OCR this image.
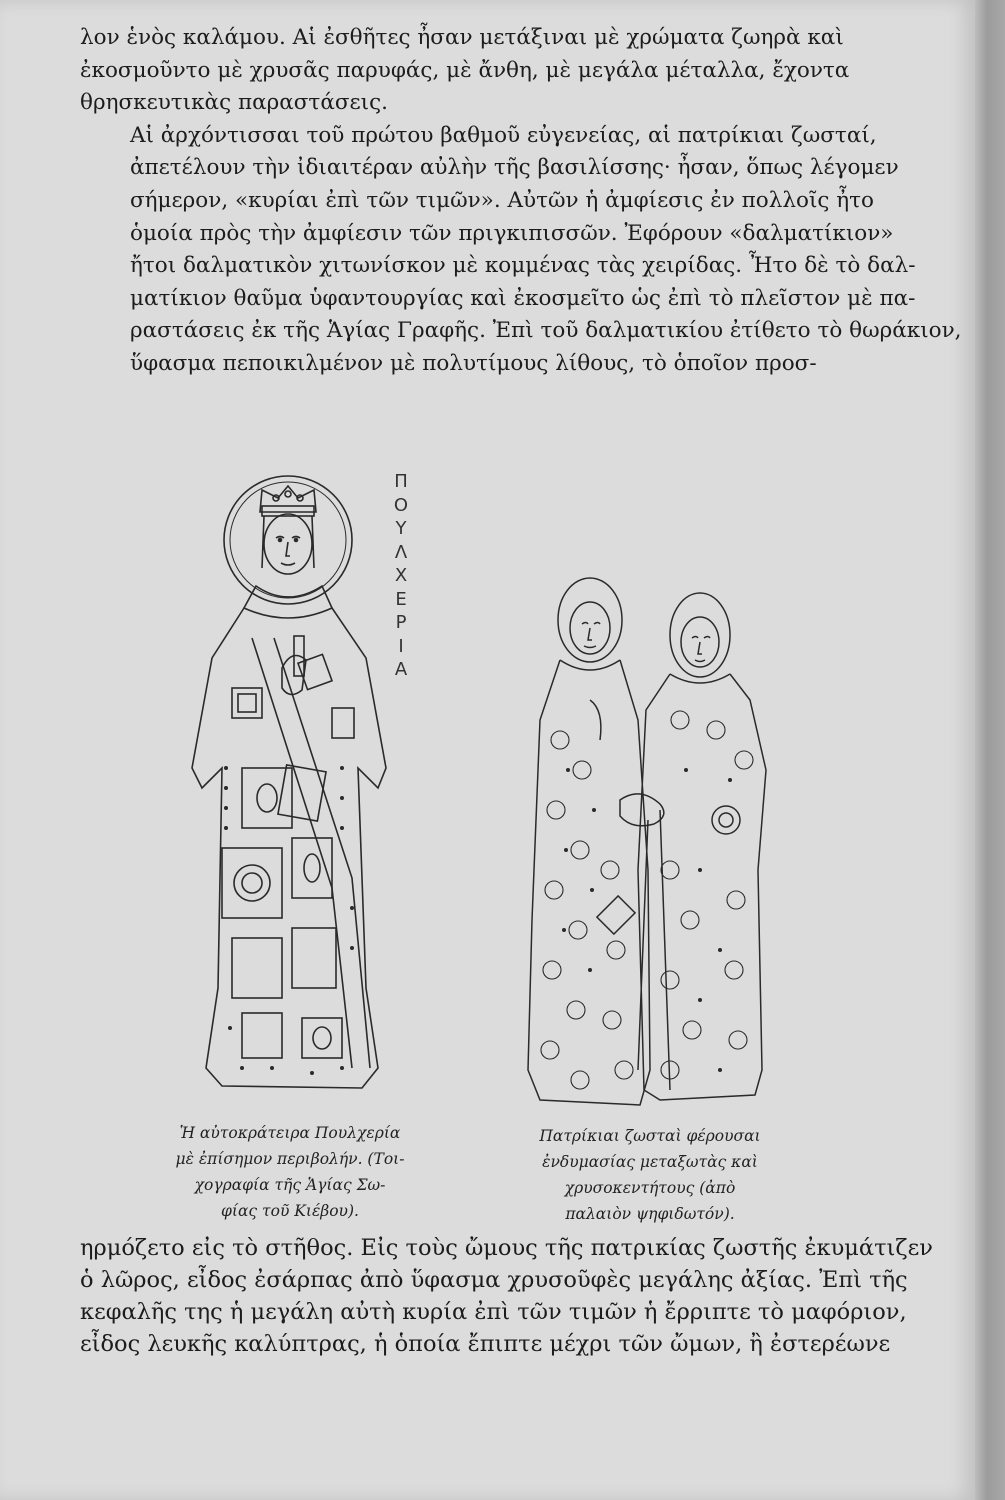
λον ἑνὸς καλάμου. Αἱ ἐσθῆτες ἦσαν μετάξιναι μὲ χρώματα ζωηρὰ καὶ
ἐκοσμοῦντο μὲ χρυσᾶς παρυφάς, μὲ ἄνθη, μὲ μεγάλα μέταλλα, ἔχοντα
θρησκευτικὰς παραστάσεις.

Αἱ ἀρχόντισσαι τοῦ πρώτου βαθμοῦ εὐγενείας, αἱ πατρίκιαι ζωσταί,
ἀπετέλουν τὴν ἰδιαιτέραν αὐλὴν τῆς βασιλίσσης· ἦσαν, ὅπως λέγομεν
σήμερον, «κυρίαι ἐπὶ τῶν τιμῶν». Αὐτῶν ἡ ἀμφίεσις ἐν πολλοῖς ἦτο
ὁμοία πρὸς τὴν ἀμφίεσιν τῶν πριγκιπισσῶν. Ἐφόρουν «δαλματίκιον»
ἤτοι δαλματικὸν χιτωνίσκον μὲ κομμένας τὰς χειρίδας. Ἦτο δὲ τὸ δαλ-
ματίκιον θαῦμα ὑφαντουργίας καὶ ἐκοσμεῖτο ὡς ἐπὶ τὸ πλεῖστον μὲ πα-
ραστάσεις ἐκ τῆς Ἁγίας Γραφῆς. Ἐπὶ τοῦ δαλματικίου ἐτίθετο τὸ θωράκιον,
ὕφασμα πεποικιλμένον μὲ πολυτίμους λίθους, τὸ ὁποῖον προσ-

Π
Ο
Υ
Λ
Χ
Ε
Ρ
Ι
Α
Ἡ αὐτοκράτειρα Πουλχερία
μὲ ἐπίσημον περιβολήν. (Τοι-
χογραφία τῆς Ἁγίας Σω-
φίας τοῦ Κιέβου).
Πατρίκιαι ζωσταὶ φέρουσαι
ἐνδυμασίας μεταξωτὰς καὶ
χρυσοκεντήτους (ἀπὸ
παλαιὸν ψηφιδωτόν).

ηρμόζετο εἰς τὸ στῆθος. Εἰς τοὺς ὤμους τῆς πατρικίας ζωστῆς ἐκυμάτιζεν
ὁ λῶρος, εἶδος ἐσάρπας ἀπὸ ὕφασμα χρυσοῦφὲς μεγάλης ἀξίας. Ἐπὶ τῆς
κεφαλῆς της ἡ μεγάλη αὐτὴ κυρία ἐπὶ τῶν τιμῶν ἡ ἔρριπτε τὸ μαφόριον,
εἶδος λευκῆς καλύπτρας, ἡ ὁποία ἔπιπτε μέχρι τῶν ὤμων, ἢ ἐστερέωνε
